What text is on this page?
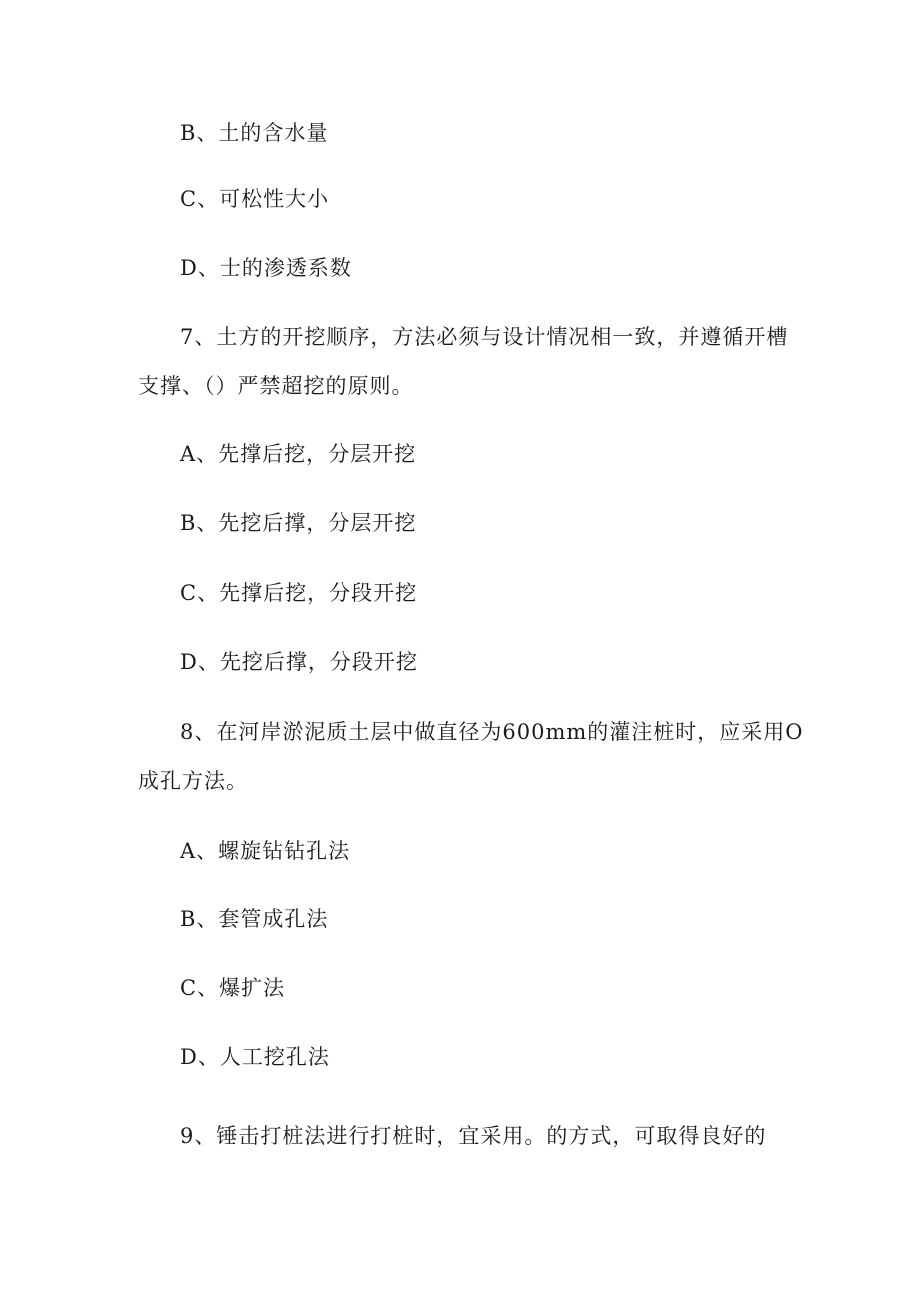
B、土的含水量
C、可松性大小
D、士的渗透系数
7、土方的开挖顺序，方法必须与设计情况相一致，并遵循开槽
支撑、（）严禁超挖的原则。
A、先撑后挖，分层开挖
B、先挖后撑，分层开挖
C、先撑后挖，分段开挖
D、先挖后撑，分段开挖
8、在河岸淤泥质土层中做直径为600mm的灌注桩时，应采用O
成孔方法。
A、螺旋钻钻孔法
B、套管成孔法
C、爆扩法
D、人工挖孔法
9、锤击打桩法进行打桩时，宜采用。的方式，可取得良好的
